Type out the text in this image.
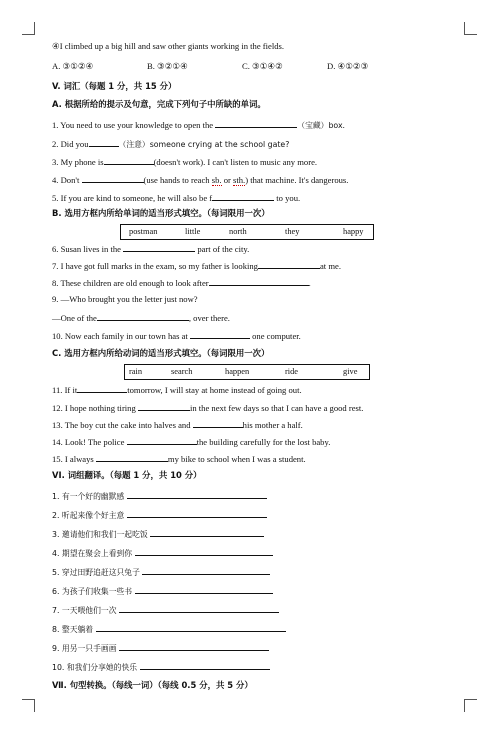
④I climbed up a big hill and saw other giants working in the fields.
A. ③①②④	B. ③②①④	C. ③①④②	D. ④①②③
V. 词汇（每题 1 分，共 15 分）
A. 根据所给的提示及句意，完成下列句子中所缺的单词。
1. You need to use your knowledge to open the	（宝藏）box.
2. Did you	（注意）someone crying at the school gate?
3. My phone is	(doesn't work). I can't listen to music any more.
4. Don't	(use hands to reach sb. or sth.) that machine. It's dangerous.
5. If you are kind to someone, he will also be f	to you.
B. 选用方框内所给单词的适当形式填空。（每词限用一次）
postman	little	north	they	happy
6. Susan lives in the	part of the city.
7. I have got full marks in the exam, so my father is looking	at me.
8. These children are old enough to look after	.
9. —Who brought you the letter just now?
—One of the	, over there.
10. Now each family in our town has at	one computer.
C. 选用方框内所给动词的适当形式填空。（每词限用一次）
rain	search	happen	ride	give
11. If it	tomorrow, I will stay at home instead of going out.
12. I hope nothing tiring	in the next few days so that I can have a good rest.
13. The boy cut the cake into halves and	his mother a half.
14. Look! The police	the building carefully for the lost baby.
15. I always	my bike to school when I was a student.
VI. 词组翻译。（每题 1 分，共 10 分）
1. 有一个好的幽默感
2. 听起来像个好主意
3. 邀请他们和我们一起吃饭
4. 期望在聚会上看到你
5. 穿过田野追赶这只兔子
6. 为孩子们收集一些书
7. 一天喂他们一次
8. 整天躺着
9. 用另一只手画画
10. 和我们分享她的快乐
Ⅶ. 句型转换。（每线一词）（每线 0.5 分，共 5 分）
